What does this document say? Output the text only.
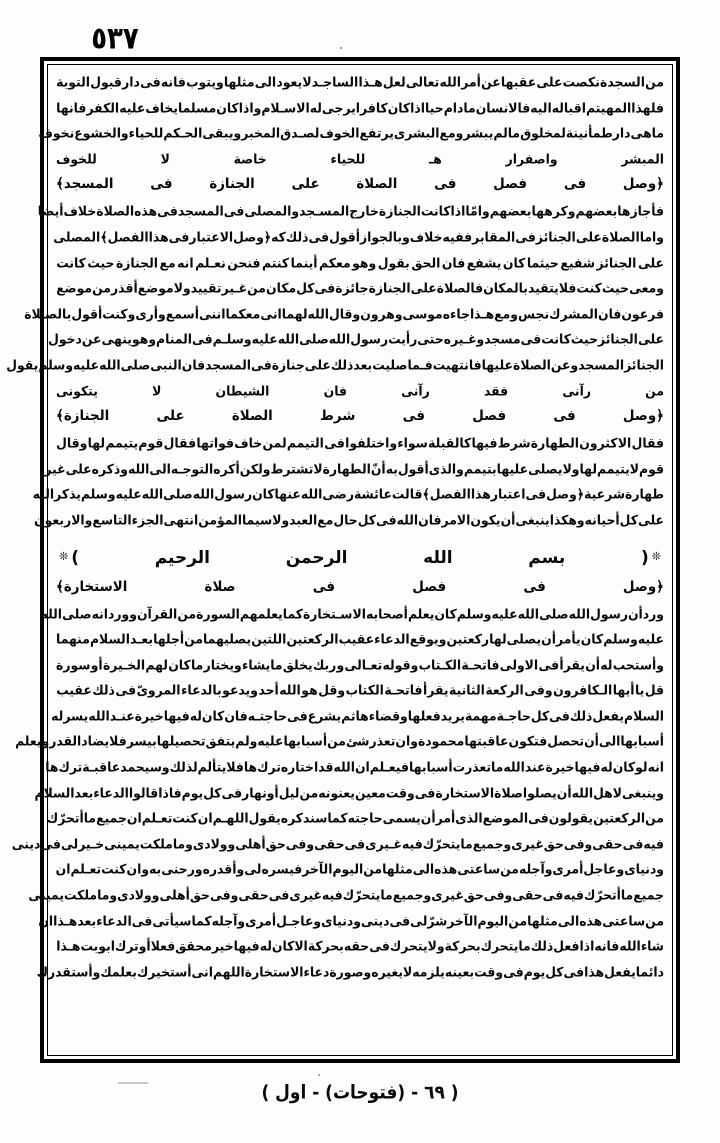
٥٣٧
من
السجدة
نكصت
على
عقبها
عن
أمر
الله
تعالى
لعل
هـذا
الساجـد
لا
يعود
الى
مثلها
ويتوب
فانه
فى
دار
قبول
التوبة
فلهذا
المهيتم
اقباله
اليه
فالانسان
مادام
حيا
اذا
كان
كافرا
يرجى
له
الاسـلام
واذا
كان
مسلما
يخاف
عليه
الكفر
فانها
ماهى
دار
طمأنينة
لمخلوق
مالم
يبشر
ومع
البشرى
يرتفع
الخوف
لصـدق
المخبر
و
يبقى
الحـكم
للحياء
والخشوع
نخوف
المبشر واصفرار هـ للحياء خاصة لا للخوف
﴿وصل فى فصل فى الصلاة على الجنازة فى المسجد﴾
فأجازها
بعضهم
وكرهها
بعضهم
وامّا
اذا
كانت
الجنازة
خارج
المسـجد
والمصلى
فى
المسجد
فى
هذه
الصلاة
خلاف
أيضا
واما
الصلاة
على
الجنائز
فى
المقابر
ففيه
خلاف
و
بالجواز
أقول
فى
ذلك
كه
﴿وصل
الاعتبار
فى
هذا
الفصل﴾
المصلى
على
الجنائز
شفيع
حيثما
كان
يشفع
فان
الحق
بقول
وهو
معكم
أينما
كنتم
فنحن
نعـلم
انه
مع
الجنازة
حيث
كانت
ومعى
حيث
كنت
فلا
يتقيد
بالمكان
فالصلاة
على
الجنازة
جائزة
فى
كل
مكان
من
غـير
تقييد
ولا
موضع
أقذر
من
موضع
فرعون
فان
المشرك
نجس
ومع
هـذا
جاءه
موسى
وهرون
وقال
الله
لهما
انى
معكما
اننى
أسمع
وأرى
وكنت
أقول
بالصـلاة
على
الجنائز
حيث
كانت
فى
مسجد
وغـيره
حتى
رأيت
رسول
الله
صلى
الله
عليه
وسلـم
فى
المنام
وهو
ينهى
عن
دخول
الجنائز
المسجد
وعن
الصلاة
عليها
فانتهيت
فـما
صليت
بعد
ذلك
على
جنازة
فى
المسجد
فان
النبى
صلى
الله
عليه
وسلم
يقول
من رآنى فقد رآنى فان الشيطان لا يتكونى
﴿وصل فى فصل فى شرط الصلاة على الجنازة﴾
فقال
الا
كثرون
الطهارة
شرط
فيها
كالقبلة
سواء
واختلفوا
فى
التيمم
لمن
خاف
فواتها
فقال
قوم
يتيمم
لها
وقال
قوم
لا
يتيمم
لها
ولا
يصلى
عليها
بتيمم
والذى
أقول
به
أنّ
الطهارة
لا
تشترط
ولكن
أكره
التوجـه
الى
الله
وذ
كره
على
غير
طهارة
شرعية
﴿وصل
فى
اعتبار
هذا
الفصل﴾
قالت
عائشة
رضى
الله
عنها
كان
رسول
الله
صلى
الله
عليه
وسلم
يذ
كر
الله
على
كل
أحيانه
وهكذا
ينبغى
أن
يكون
الامر
فان
الله
فى
كل
حال
مع
العبد
ولا
سيما
المؤمن
انتهى
الجزء
التاسع
والاربعون
❊( بسم الله الرحمن الرحيم )❊
﴿وصل فى فصل فى صلاة الاستخارة﴾
وردأن
رسول
الله
صلى
الله
عليه
وسلم
كان
يعلم
أصحابه
الاسـتخارة
كما
يعلمهم
السورة
من
القرآن
و
وردانه
صلى
الله
عليه
وسلم
كان
يأمر
أن
يصلى
لها
ركعتين
و
يوقع
الدعاء
عقيب
الركعتين
اللتين
يصليهما
من
أجلها
بعـد
السلام
منهما
وأستحب
له
أن
يقرأ
فى
الاولى
فاتحـة
الكـتاب
وقوله
تعـالى
و
ربك
يخلق
مايشاء
ويختار
ما
كان
لهم
الخـيرة
أو
سورة
قل
يا
أيها
الـكافرون
وفى
الركعة
الثانية
يقرأ
فاتحـة
الكتاب
وقل
هو
الله
أحد
ويدعو
بالدعاء
المروىّ
فى
ذلك
عقيب
السلام
يفعل
ذلك
فى
كل
حاجـة
مهمة
يريد
فعلها
وقضاءها
ثم
يشرع
فى
حاجتـه
فان
كان
له
فيها
خيرة
عنـد
الله
يسر
له
أسبابها
الى
أن
تحصل
فتكون
عاقبتها
محمودة
وان
تعذر
شئ
من
أسبابها
عليه
ولم
يتفق
تحصيلها
بيسر
فلا
يضاد
القدر
و
يعلم
انه
لو
كان
له
فيها
خيرة
عند
الله
ماتعذرت
أسبابها
فيعـلم
ان
الله
قد
اختاره
ترك
ها
فلا
يتألم
لذلك
وسيحمد
عاقبـة
ترك
ها
وينبغى
لاهل
الله
أن
يصلوا
صلاة
الاستخارة
فى
وقت
معين
يعنونه
من
ليل
أو
نهار
فى
كل
يوم
فاذا
قالوا
الدعاء
بعد
السلام
من
الركعتين
يقولون
فى
الموضع
الذى
أمر
أن
يسمى
حاجته
كما
سند
كره
يقول
اللهـم
ان
كنت
تعـلم
ان
جميع
ما
أتحرّك
فيه
فى
حقى
وفى
حق
غيرى
وجميع
ما
يتحرّك
فيه
غـيرى
فى
حقى
وفى
حق
أهلى
وولادى
وما
ملكت
يمينى
خـيرلى
فى
دينى
ودنياى
وعاجل
أمرى
وآجله
من
ساعتى
هذه
الى
مثلها
من
اليوم
الآخر
فيسره
لى
وأقدره
ورحنى
به
وان
كنت
تعـلم
ان
جميع
ما
أتحرّك
فيه
فى
حقى
وفى
حق
غيرى
وجميع
ما
يتحرّك
فيه
غيرى
فى
حقى
وفى
حق
أهلى
و
ولادى
وما
ملكت
يمينى
من
ساعتى
هذه
الى
مثلها
من
اليوم
الآخر
شرّ
لى
فى
دينى
ودنياى
وعاجـل
أمرى
وآجله
كما
سيأتى
فى
الدعاء
بعد
هـذا
ان
شاء
الله
فانه
اذا
فعل
ذلك
ما
يتحرك
بحركة
ولا
يتحرك
فى
حقه
بحركة
الا
كان
له
فيها
خير
محقق
فعلا
أو
ترك
ابو
بت
هـذا
دائما
يفعل
هذا
فى
كل
يوم
فى
وقت
بعينه
يلزمه
لا
يغيره
وصورة
دعاء
الاستخارة
اللهم
انى
أستخيرك
بعلمك
وأستقدرك
( ٦٩ - (فتوحات) - اول )
